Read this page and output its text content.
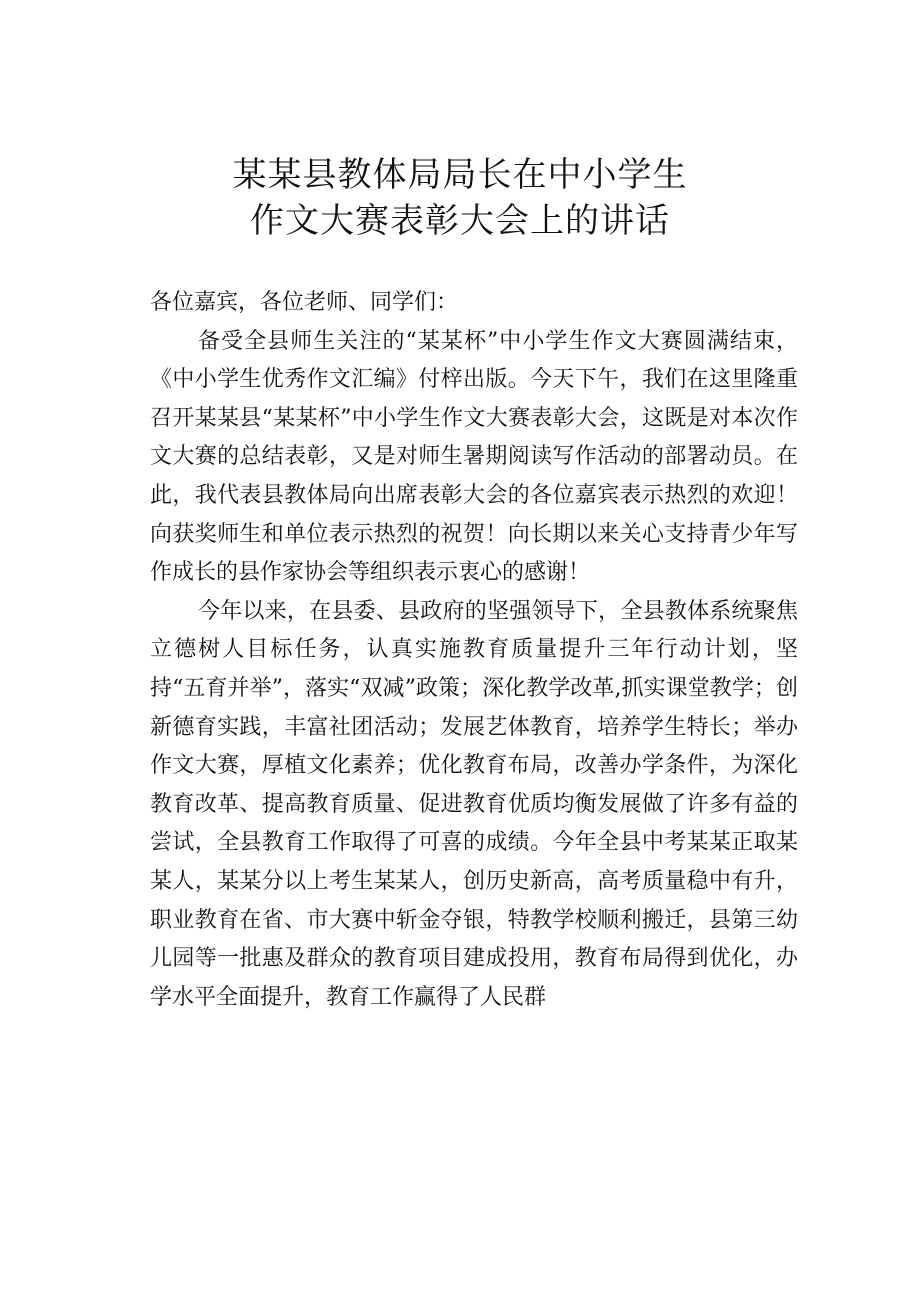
某某县教体局局长在中小学生
作文大赛表彰大会上的讲话

各位嘉宾，各位老师、同学们：

备受全县师生关注的“某某杯”中小学生作文大赛圆满结束，《中小学生优秀作文汇编》付梓出版。今天下午，我们在这里隆重召开某某县“某某杯”中小学生作文大赛表彰大会，这既是对本次作文大赛的总结表彰，又是对师生暑期阅读写作活动的部署动员。在此，我代表县教体局向出席表彰大会的各位嘉宾表示热烈的欢迎！向获奖师生和单位表示热烈的祝贺！向长期以来关心支持青少年写作成长的县作家协会等组织表示衷心的感谢！

今年以来，在县委、县政府的坚强领导下，全县教体系统聚焦立德树人目标任务，认真实施教育质量提升三年行动计划，坚持“五育并举”，落实“双减”政策；深化教学改革,抓实课堂教学；创新德育实践，丰富社团活动；发展艺体教育，培养学生特长；举办作文大赛，厚植文化素养；优化教育布局，改善办学条件，为深化教育改革、提高教育质量、促进教育优质均衡发展做了许多有益的尝试，全县教育工作取得了可喜的成绩。今年全县中考某某正取某某人，某某分以上考生某某人，创历史新高，高考质量稳中有升，职业教育在省、市大赛中斩金夺银，特教学校顺利搬迁，县第三幼儿园等一批惠及群众的教育项目建成投用，教育布局得到优化，办学水平全面提升，教育工作赢得了人民群
